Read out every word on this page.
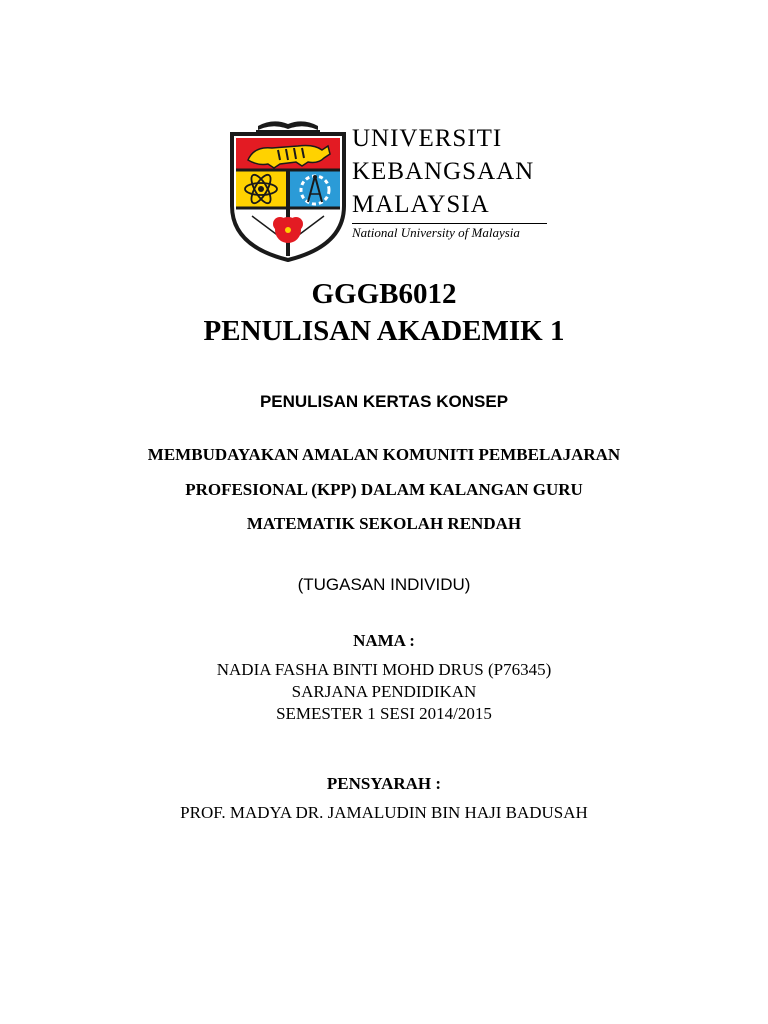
UNIVERSITI
KEBANGSAAN
MALAYSIA
National University of Malaysia
GGGB6012
PENULISAN AKADEMIK 1
PENULISAN KERTAS KONSEP
MEMBUDAYAKAN AMALAN KOMUNITI PEMBELAJARAN
PROFESIONAL (KPP) DALAM KALANGAN GURU
MATEMATIK SEKOLAH RENDAH
(TUGASAN INDIVIDU)
NAMA :
NADIA FASHA BINTI MOHD DRUS (P76345)
SARJANA PENDIDIKAN
SEMESTER 1 SESI 2014/2015
PENSYARAH :
PROF. MADYA DR. JAMALUDIN BIN HAJI BADUSAH
